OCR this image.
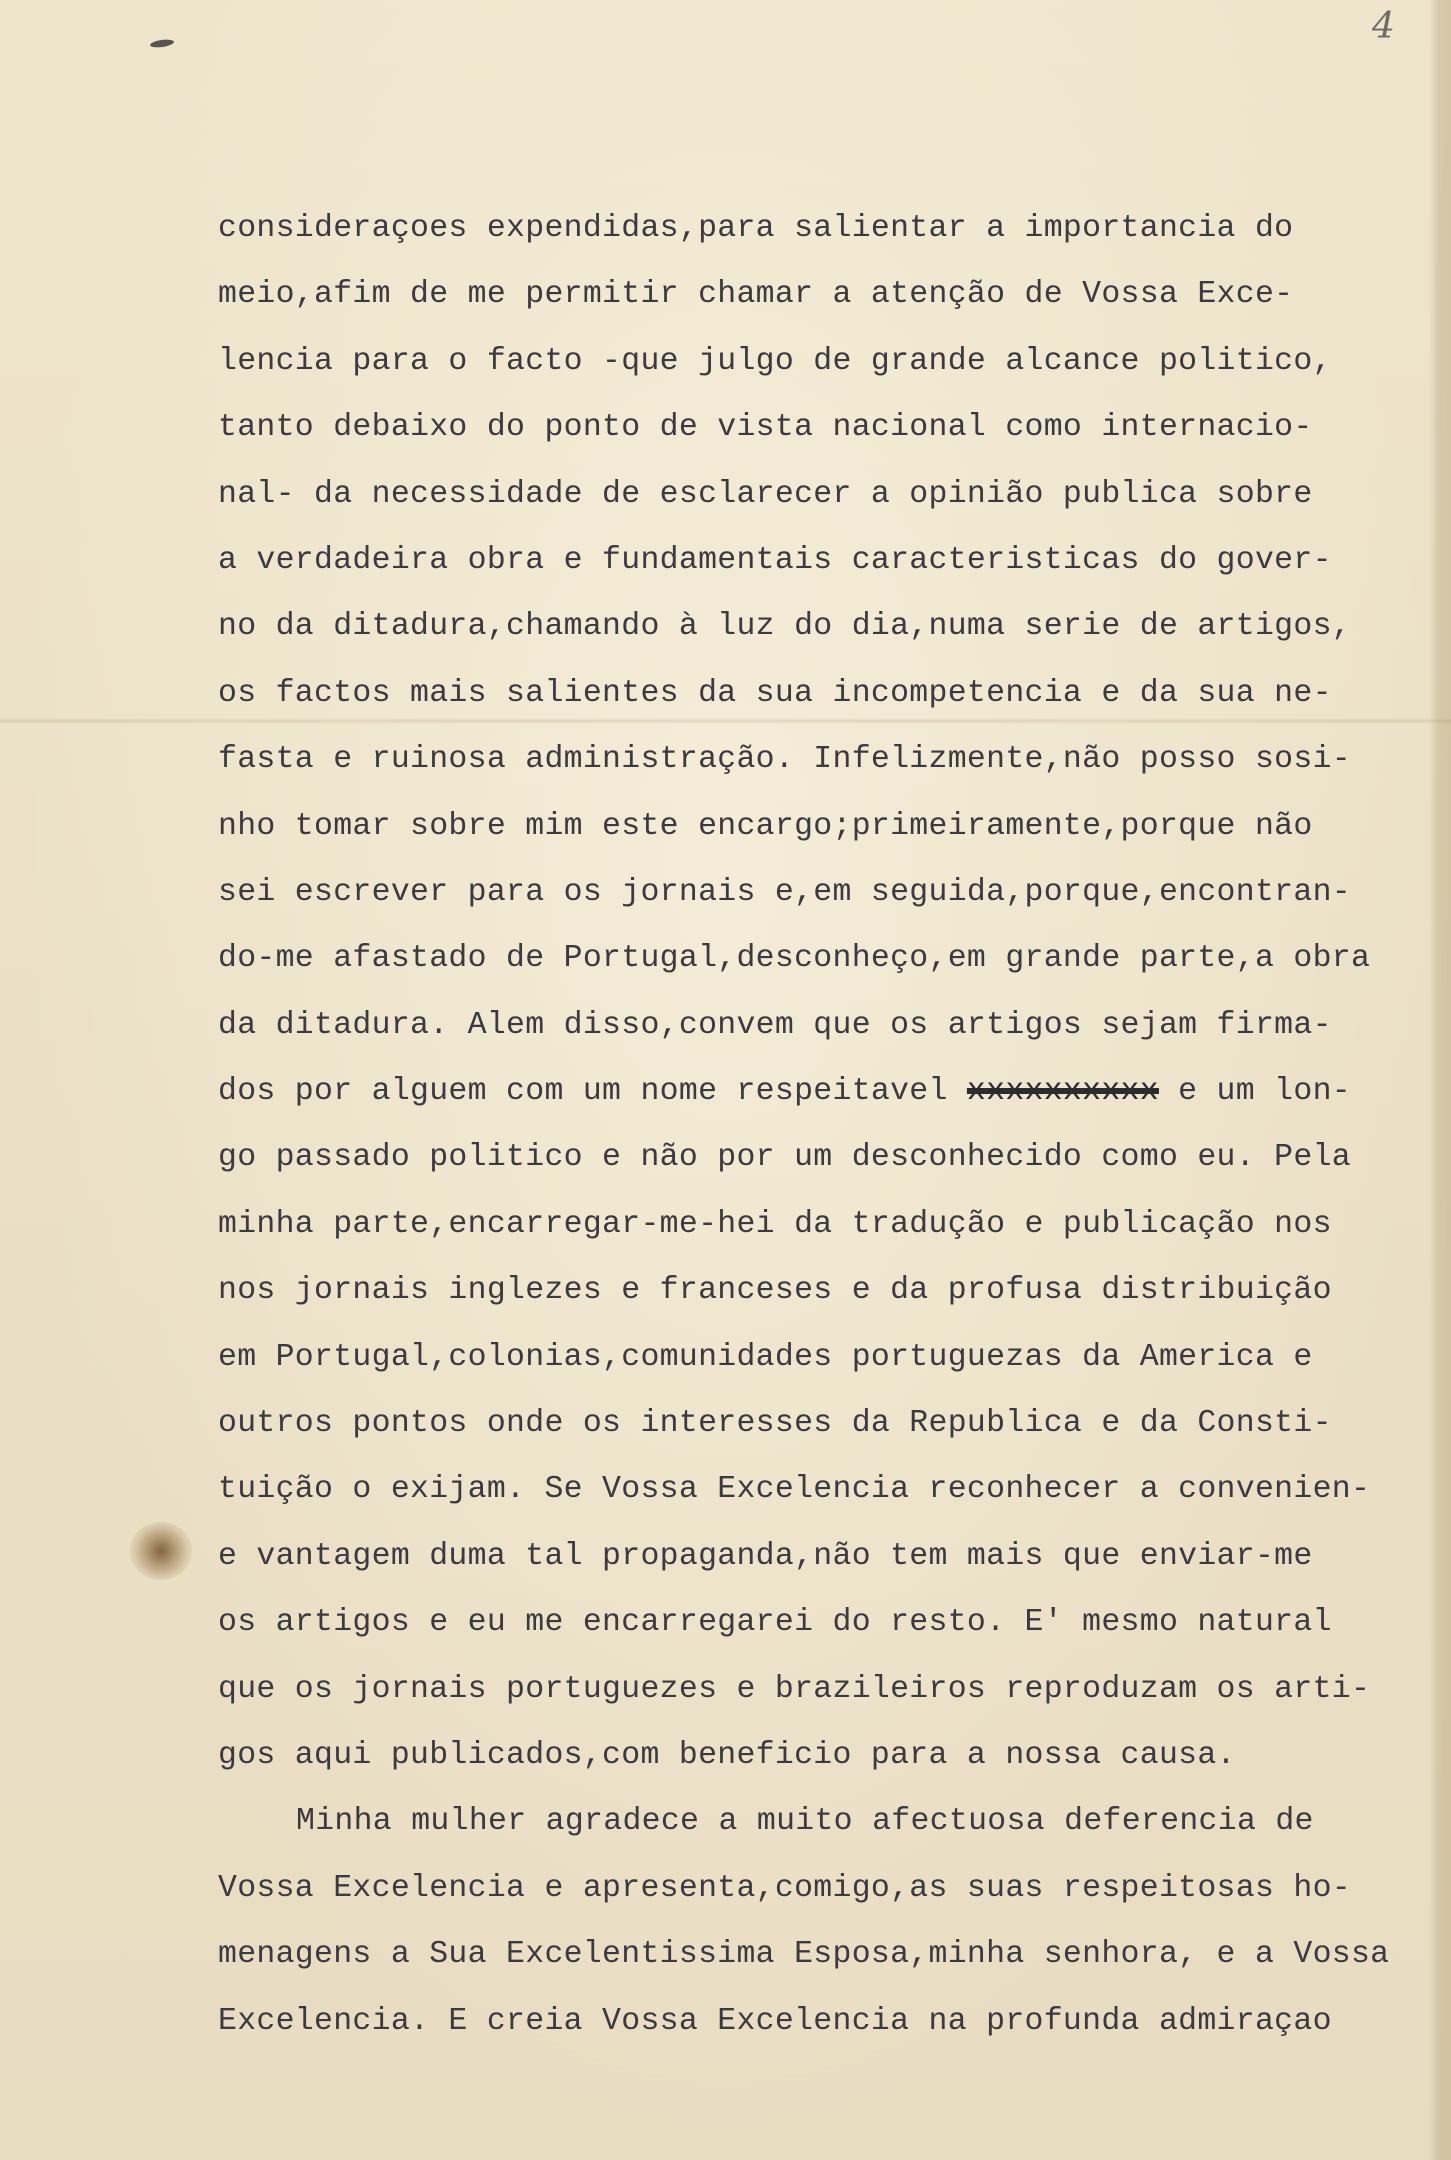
4
consideraçoes expendidas,para salientar a importancia do
meio,afim de me permitir chamar a atenção de Vossa Exce-
lencia para o facto -que julgo de grande alcance politico,
tanto debaixo do ponto de vista nacional como internacio-
nal- da necessidade de esclarecer a opinião publica sobre
a verdadeira obra e fundamentais caracteristicas do gover-
no da ditadura,chamando à luz do dia,numa serie de artigos,
os factos mais salientes da sua incompetencia e da sua ne-
fasta e ruinosa administração. Infelizmente,não posso sosi-
nho tomar sobre mim este encargo;primeiramente,porque não
sei escrever para os jornais e,em seguida,porque,encontran-
do-me afastado de Portugal,desconheço,em grande parte,a obra
da ditadura. Alem disso,convem que os artigos sejam firma-
dos por alguem com um nome respeitavel xxxxxxxxxx e um lon-
go passado politico e não por um desconhecido como eu. Pela
minha parte,encarregar-me-hei da tradução e publicação nos
nos jornais inglezes e franceses e da profusa distribuição
em Portugal,colonias,comunidades portuguezas da America e
outros pontos onde os interesses da Republica e da Consti-
tuição o exijam. Se Vossa Excelencia reconhecer a convenien-
e vantagem duma tal propaganda,não tem mais que enviar-me
os artigos e eu me encarregarei do resto. E' mesmo natural
que os jornais portuguezes e brazileiros reproduzam os arti-
gos aqui publicados,com beneficio para a nossa causa.
Minha mulher agradece a muito afectuosa deferencia de
Vossa Excelencia e apresenta,comigo,as suas respeitosas ho-
menagens a Sua Excelentissima Esposa,minha senhora, e a Vossa
Excelencia. E creia Vossa Excelencia na profunda admiraçao
